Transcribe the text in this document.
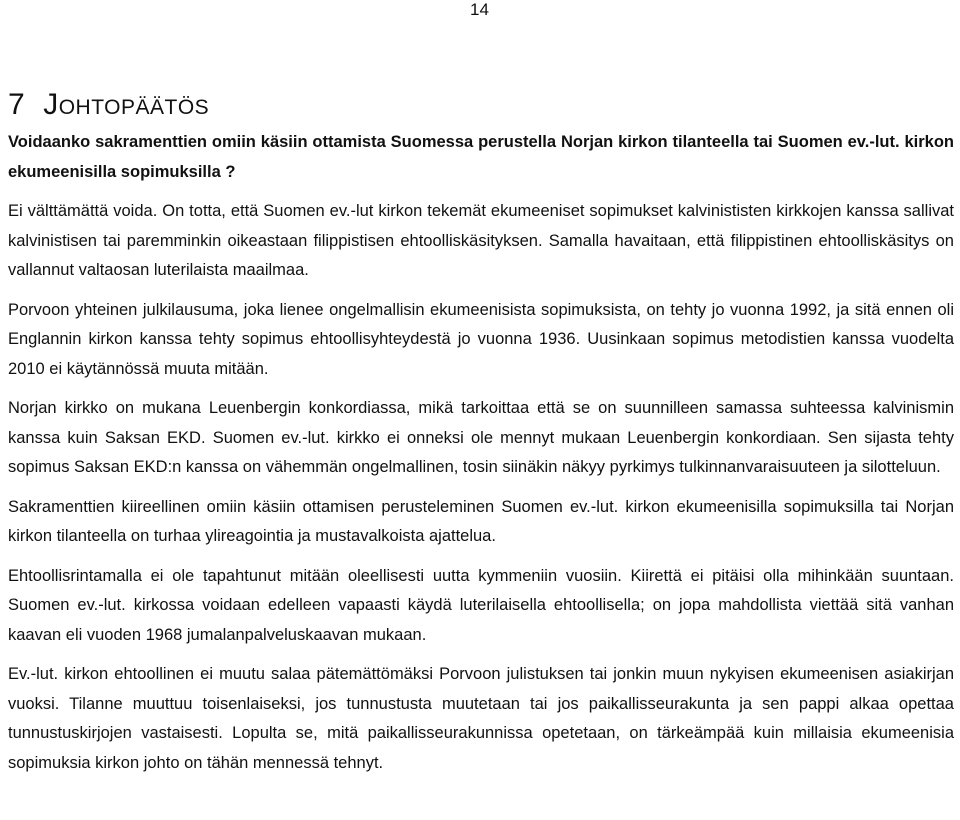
14
7 Johtopäätös

Voidaanko sakramenttien omiin käsiin ottamista Suomessa perustella Norjan kirkon tilanteella tai Suomen ev.-lut. kirkon ekumeenisilla sopimuksilla ?

Ei välttämättä voida. On totta, että Suomen ev.-lut kirkon tekemät ekumeeniset sopimukset kalvinististen kirkkojen kanssa sallivat kalvinistisen tai paremminkin oikeastaan filippistisen ehtoolliskäsityksen. Samalla havaitaan, että filippistinen ehtoolliskäsitys on vallannut valtaosan luterilaista maailmaa.

Porvoon yhteinen julkilausuma, joka lienee ongelmallisin ekumeenisista sopimuksista, on tehty jo vuonna 1992, ja sitä ennen oli Englannin kirkon kanssa tehty sopimus ehtoollisyhteydestä jo vuonna 1936. Uusinkaan sopimus metodistien kanssa vuodelta 2010 ei käytännössä muuta mitään.

Norjan kirkko on mukana Leuenbergin konkordiassa, mikä tarkoittaa että se on suunnilleen samassa suhteessa kalvinismin kanssa kuin Saksan EKD. Suomen ev.-lut. kirkko ei onneksi ole mennyt mukaan Leuenbergin konkordiaan. Sen sijasta tehty sopimus Saksan EKD:n kanssa on vähemmän ongelmallinen, tosin siinäkin näkyy pyrkimys tulkinnanvaraisuuteen ja silotteluun.

Sakramenttien kiireellinen omiin käsiin ottamisen perusteleminen Suomen ev.-lut. kirkon ekumeenisilla sopimuksilla tai Norjan kirkon tilanteella on turhaa ylireagointia ja mustavalkoista ajattelua.

Ehtoollisrintamalla ei ole tapahtunut mitään oleellisesti uutta kymmeniin vuosiin. Kiirettä ei pitäisi olla mihinkään suuntaan. Suomen ev.-lut. kirkossa voidaan edelleen vapaasti käydä luterilaisella ehtoollisella; on jopa mahdollista viettää sitä vanhan kaavan eli vuoden 1968 jumalanpalveluskaavan mukaan.

Ev.-lut. kirkon ehtoollinen ei muutu salaa pätemättömäksi Porvoon julistuksen tai jonkin muun nykyisen ekumeenisen asiakirjan vuoksi. Tilanne muuttuu toisenlaiseksi, jos tunnustusta muutetaan tai jos paikallisseurakunta ja sen pappi alkaa opettaa tunnustuskirjojen vastaisesti. Lopulta se, mitä paikallisseurakunnissa opetetaan, on tärkeämpää kuin millaisia ekumeenisia sopimuksia kirkon johto on tähän mennessä tehnyt.
